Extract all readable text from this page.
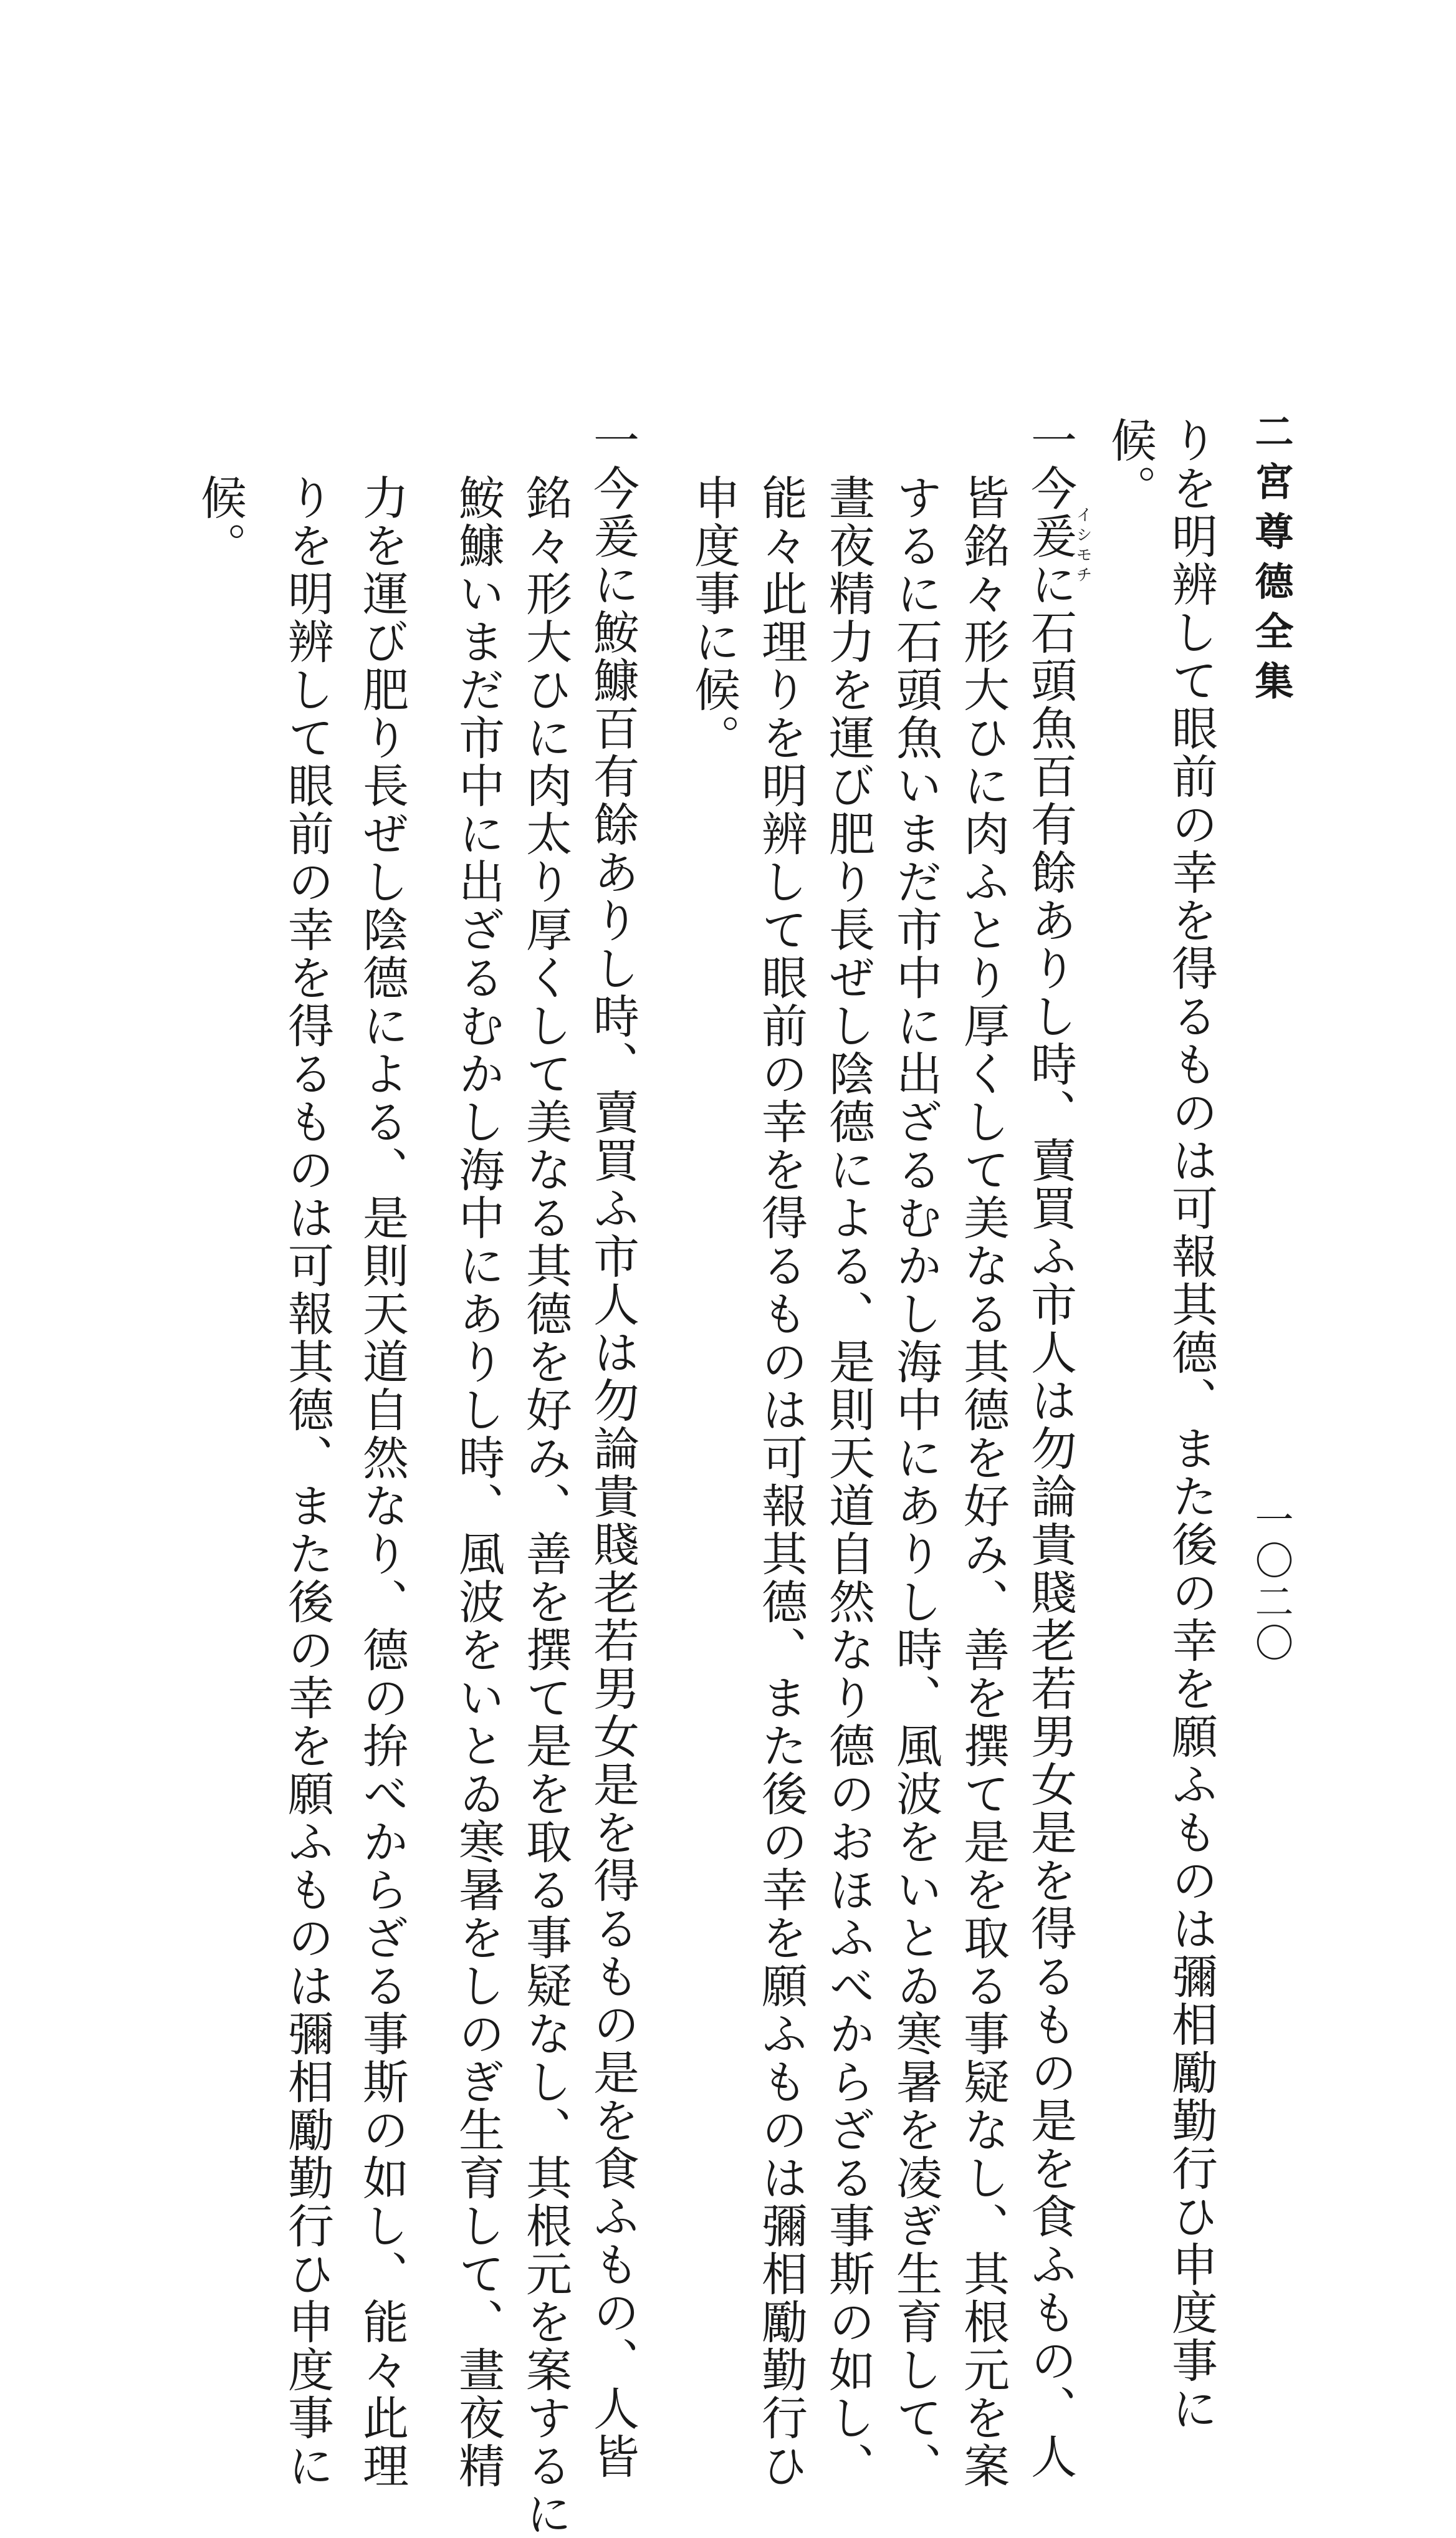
二宮尊德全集
一〇二〇
りを明辨して眼前の幸を得るものは可報其德、また後の幸を願ふものは彌相勵勤行ひ申度事に
候。
一今爰に石頭魚百有餘ありし時、賣買ふ市人は勿論貴賤老若男女是を得るもの是を食ふもの、人
皆銘々形大ひに肉ふとり厚くして美なる其德を好み、善を撰て是を取る事疑なし、其根元を案
するに石頭魚いまだ市中に出ざるむかし海中にありし時、風波をいとゐ寒暑を凌ぎ生育して、
晝夜精力を運び肥り長ぜし陰德による、是則天道自然なり德のおほふべからざる事斯の如し、
能々此理りを明辨して眼前の幸を得るものは可報其德、また後の幸を願ふものは彌相勵勤行ひ
申度事に候。
一今爰に鮟鱇百有餘ありし時、賣買ふ市人は勿論貴賤老若男女是を得るもの是を食ふもの、人皆
銘々形大ひに肉太り厚くして美なる其德を好み、善を撰て是を取る事疑なし、其根元を案するに
鮟鱇いまだ市中に出ざるむかし海中にありし時、風波をいとゐ寒暑をしのぎ生育して、晝夜精
力を運び肥り長ぜし陰德による、是則天道自然なり、德の拚べからざる事斯の如し、能々此理
りを明辨して眼前の幸を得るものは可報其德、また後の幸を願ふものは彌相勵勤行ひ申度事に
候。	イシモチ
